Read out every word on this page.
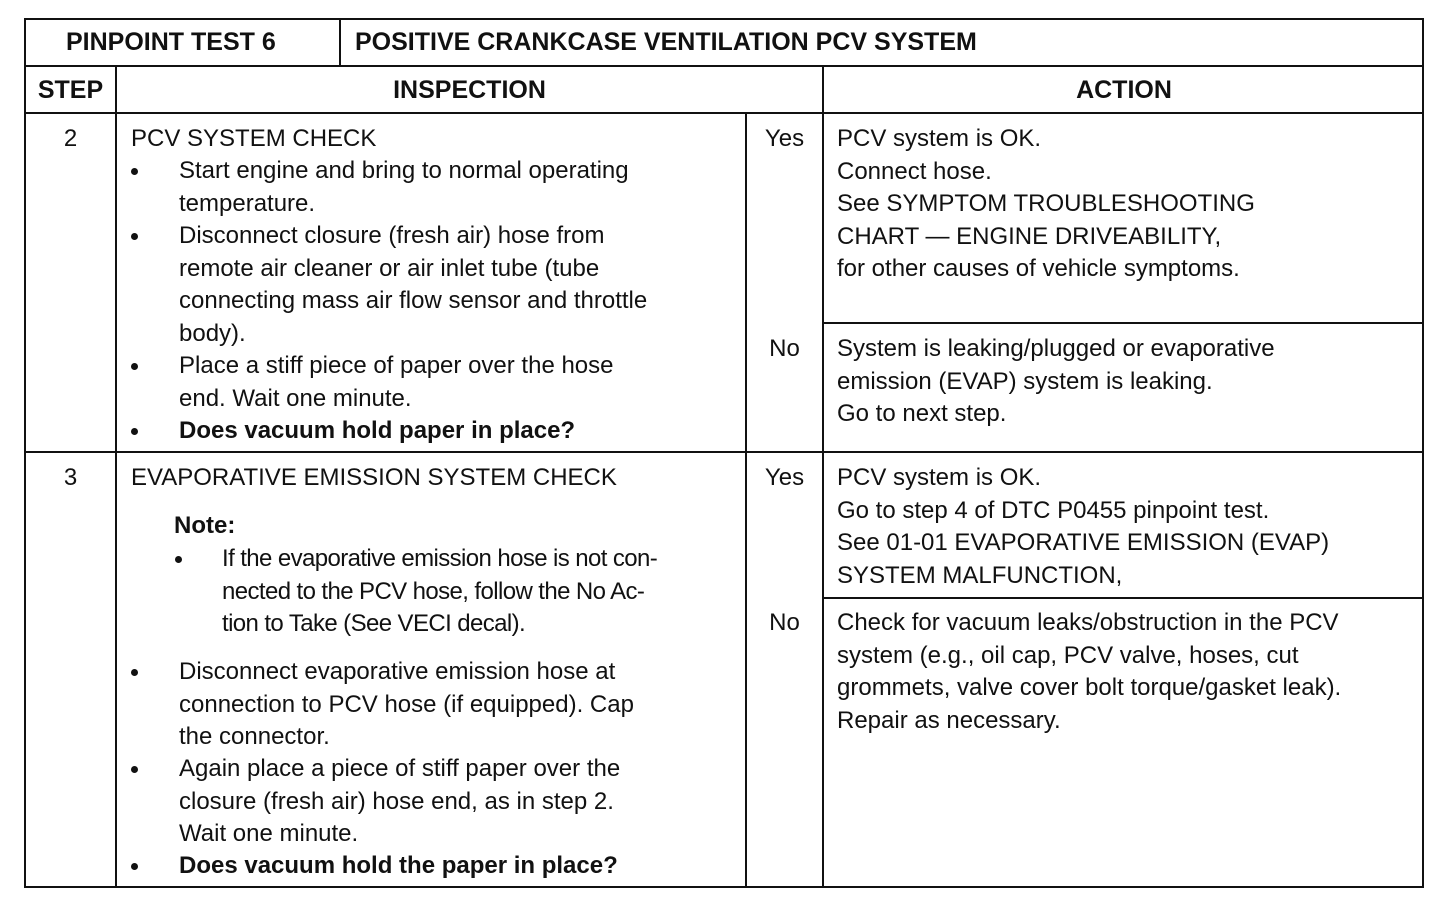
PINPOINT TEST 6	POSITIVE CRANKCASE VENTILATION PCV SYSTEM
STEP	INSPECTION	ACTION
2	PCV SYSTEM CHECK
Start engine and bring to normal operating
temperature.
Disconnect closure (fresh air) hose from
remote air cleaner or air inlet tube (tube
connecting mass air flow sensor and throttle
body).
Place a stiff piece of paper over the hose
end. Wait one minute.
Does vacuum hold paper in place?
Yes	PCV system is OK.
Connect hose.
See SYMPTOM TROUBLESHOOTING
CHART — ENGINE DRIVEABILITY,
for other causes of vehicle symptoms.
No	System is leaking/plugged or evaporative
emission (EVAP) system is leaking.
Go to next step.
3	EVAPORATIVE EMISSION SYSTEM CHECK
Note:
If the evaporative emission hose is not con-
nected to the PCV hose, follow the No Ac-
tion to Take (See VECI decal).
Disconnect evaporative emission hose at
connection to PCV hose (if equipped). Cap
the connector.
Again place a piece of stiff paper over the
closure (fresh air) hose end, as in step 2.
Wait one minute.
Does vacuum hold the paper in place?
Yes	PCV system is OK.
Go to step 4 of DTC P0455 pinpoint test.
See 01-01 EVAPORATIVE EMISSION (EVAP)
SYSTEM MALFUNCTION,
No	Check for vacuum leaks/obstruction in the PCV
system (e.g., oil cap, PCV valve, hoses, cut
grommets, valve cover bolt torque/gasket leak).
Repair as necessary.
